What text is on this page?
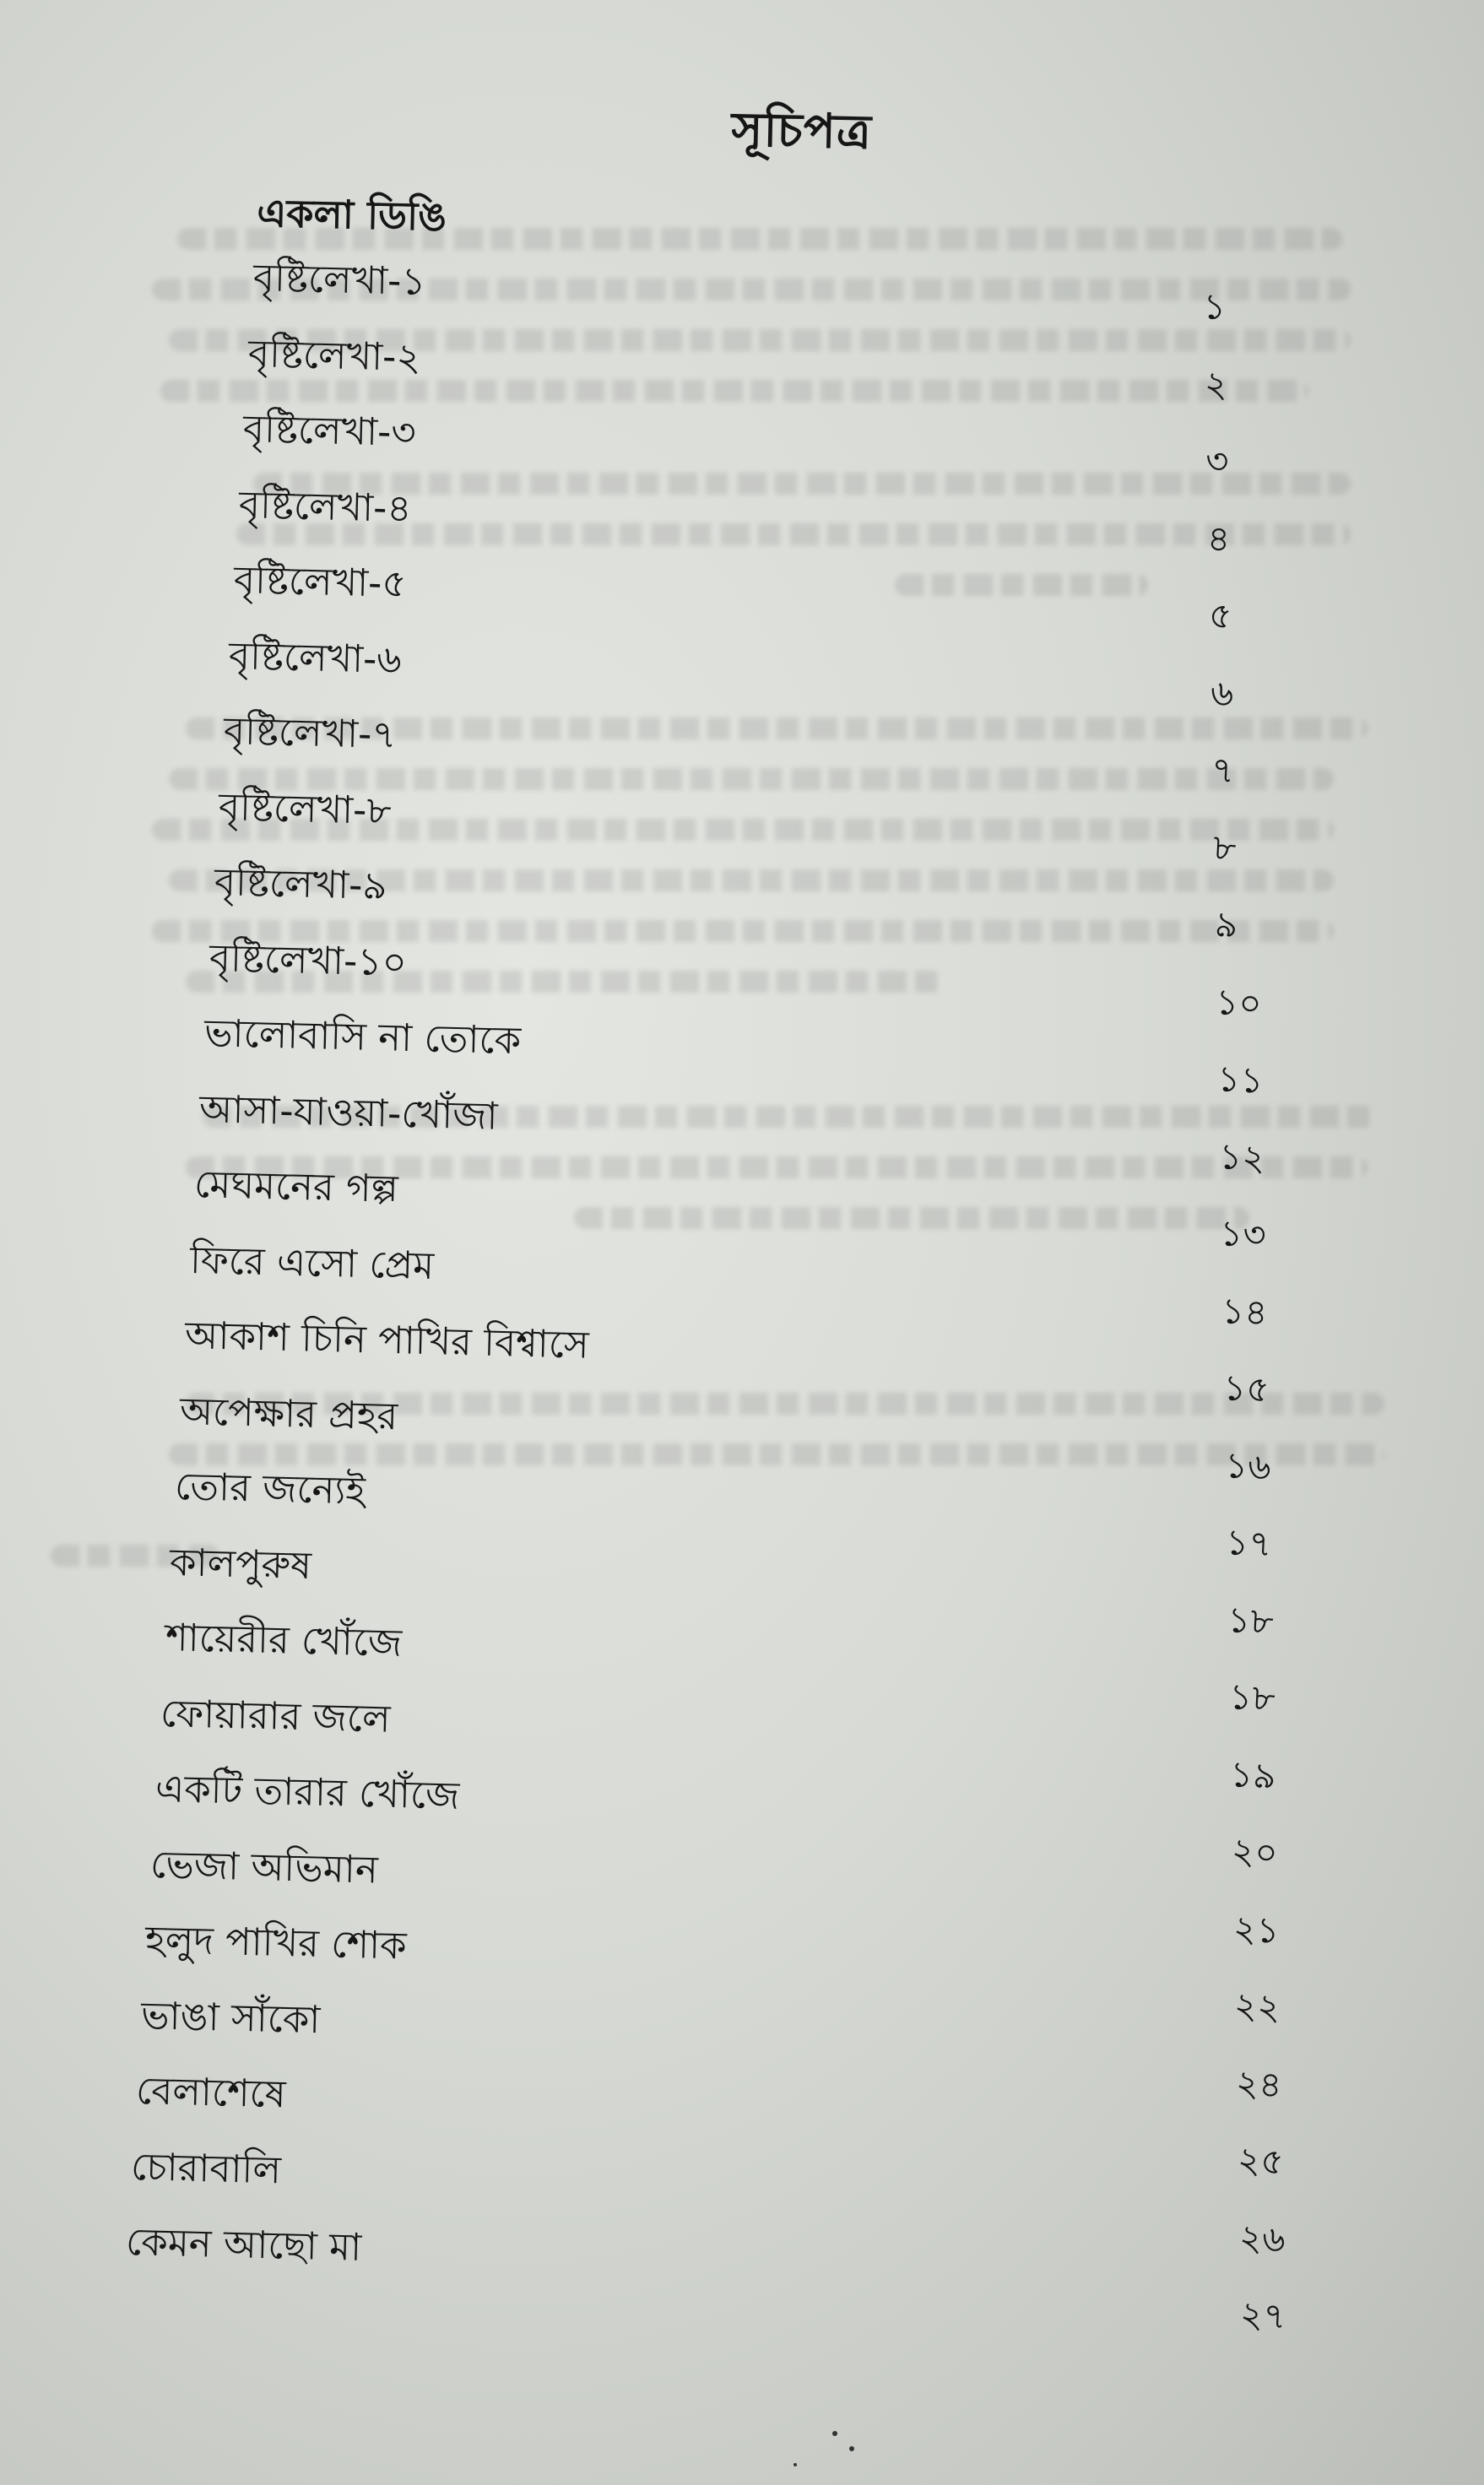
সূচিপত্র
একলা ডিঙি
বৃষ্টিলেখা-১
১
বৃষ্টিলেখা-২
২
বৃষ্টিলেখা-৩
৩
বৃষ্টিলেখা-৪
৪
বৃষ্টিলেখা-৫
৫
বৃষ্টিলেখা-৬
৬
বৃষ্টিলেখা-৭
৭
বৃষ্টিলেখা-৮
৮
বৃষ্টিলেখা-৯
৯
বৃষ্টিলেখা-১০
১০
ভালোবাসি না তোকে
১১
আসা-যাওয়া-খোঁজা
১২
মেঘমনের গল্প
১৩
ফিরে এসো প্রেম
১৪
আকাশ চিনি পাখির বিশ্বাসে
১৫
অপেক্ষার প্রহর
১৬
তোর জন্যেই
১৭
কালপুরুষ
১৮
শায়েরীর খোঁজে
১৮
ফোয়ারার জলে
১৯
একটি তারার খোঁজে
২০
ভেজা অভিমান
২১
হলুদ পাখির শোক
২২
ভাঙা সাঁকো
২৪
বেলাশেষে
২৫
চোরাবালি
২৬
কেমন আছো মা
২৭
